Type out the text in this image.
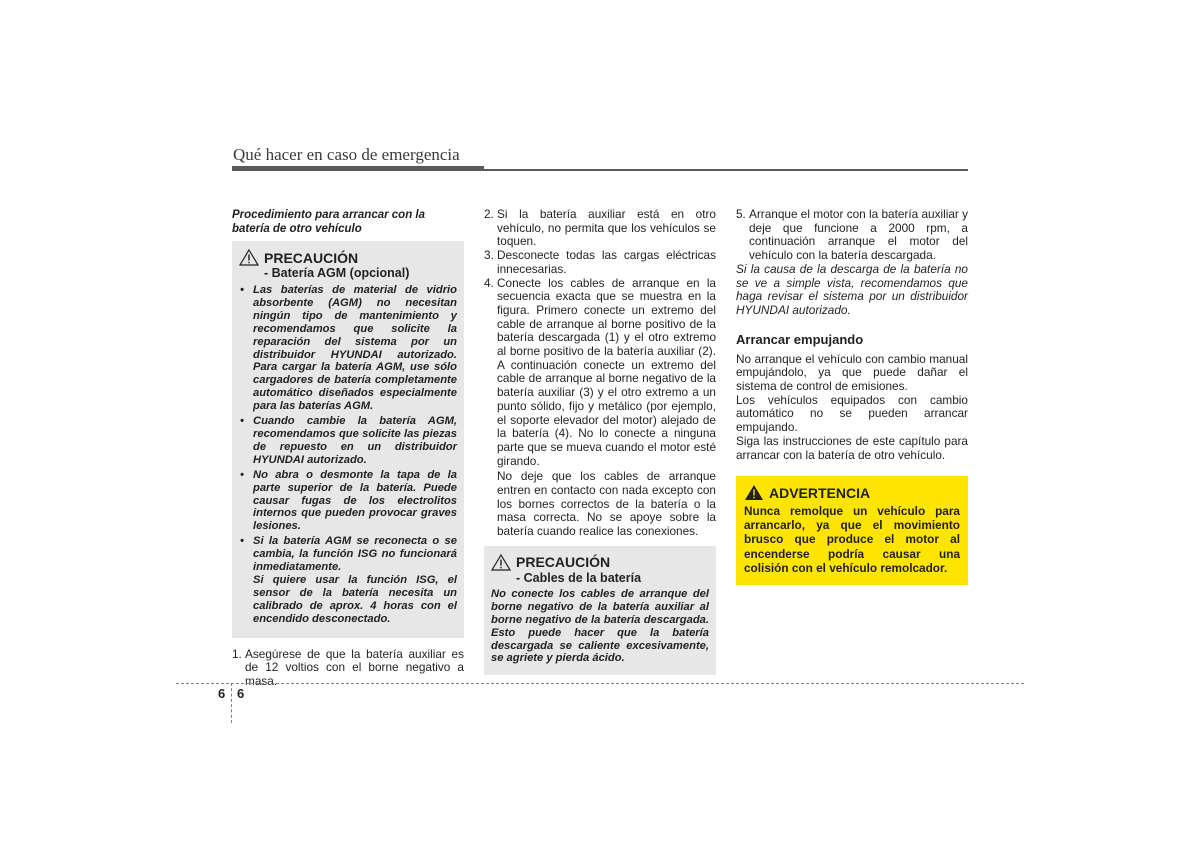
Qué hacer en caso de emergencia
Procedimiento para arrancar con la batería de otro vehículo
PRECAUCIÓN
- Batería AGM (opcional)
• Las baterías de material de vidrio absorbente (AGM) no necesitan ningún tipo de mantenimiento y recomendamos que solicite la reparación del sistema por un distribuidor HYUNDAI autorizado. Para cargar la batería AGM, use sólo cargadores de batería completamente automático diseñados especialmente para las baterías AGM.
• Cuando cambie la batería AGM, recomendamos que solicite las piezas de repuesto en un distribuidor HYUNDAI autorizado.
• No abra o desmonte la tapa de la parte superior de la batería. Puede causar fugas de los electrolitos internos que pueden provocar graves lesiones.
• Si la batería AGM se reconecta o se cambia, la función ISG no funcionará inmediatamente.
Si quiere usar la función ISG, el sensor de la batería necesita un calibrado de aprox. 4 horas con el encendido desconectado.
1. Asegúrese de que la batería auxiliar es de 12 voltios con el borne negativo a masa.
2. Si la batería auxiliar está en otro vehículo, no permita que los vehículos se toquen.
3. Desconecte todas las cargas eléctricas innecesarias.
4. Conecte los cables de arranque en la secuencia exacta que se muestra en la figura. Primero conecte un extremo del cable de arranque al borne positivo de la batería descargada (1) y el otro extremo al borne positivo de la batería auxiliar (2). A continuación conecte un extremo del cable de arranque al borne negativo de la batería auxiliar (3) y el otro extremo a un punto sólido, fijo y metálico (por ejemplo, el soporte elevador del motor) alejado de la batería (4). No lo conecte a ninguna parte que se mueva cuando el motor esté girando.

No deje que los cables de arranque entren en contacto con nada excepto con los bornes correctos de la batería o la masa correcta. No se apoye sobre la batería cuando realice las conexiones.

PRECAUCIÓN
- Cables de la batería

No conecte los cables de arranque del borne negativo de la batería auxiliar al borne negativo de la batería descargada. Esto puede hacer que la batería descargada se caliente excesivamente, se agriete y pierda ácido.

5. Arranque el motor con la batería auxiliar y deje que funcione a 2000 rpm, a continuación arranque el motor del vehículo con la batería descargada.

Si la causa de la descarga de la batería no se ve a simple vista, recomendamos que haga revisar el sistema por un distribuidor HYUNDAI autorizado.

Arrancar empujando

No arranque el vehículo con cambio manual empujándolo, ya que puede dañar el sistema de control de emisiones.

Los vehículos equipados con cambio automático no se pueden arrancar empujando.

Siga las instrucciones de este capítulo para arrancar con la batería de otro vehículo.

ADVERTENCIA

Nunca remolque un vehículo para arrancarlo, ya que el movimiento brusco que produce el motor al encenderse podría causar una colisión con el vehículo remolcador.

6 6
